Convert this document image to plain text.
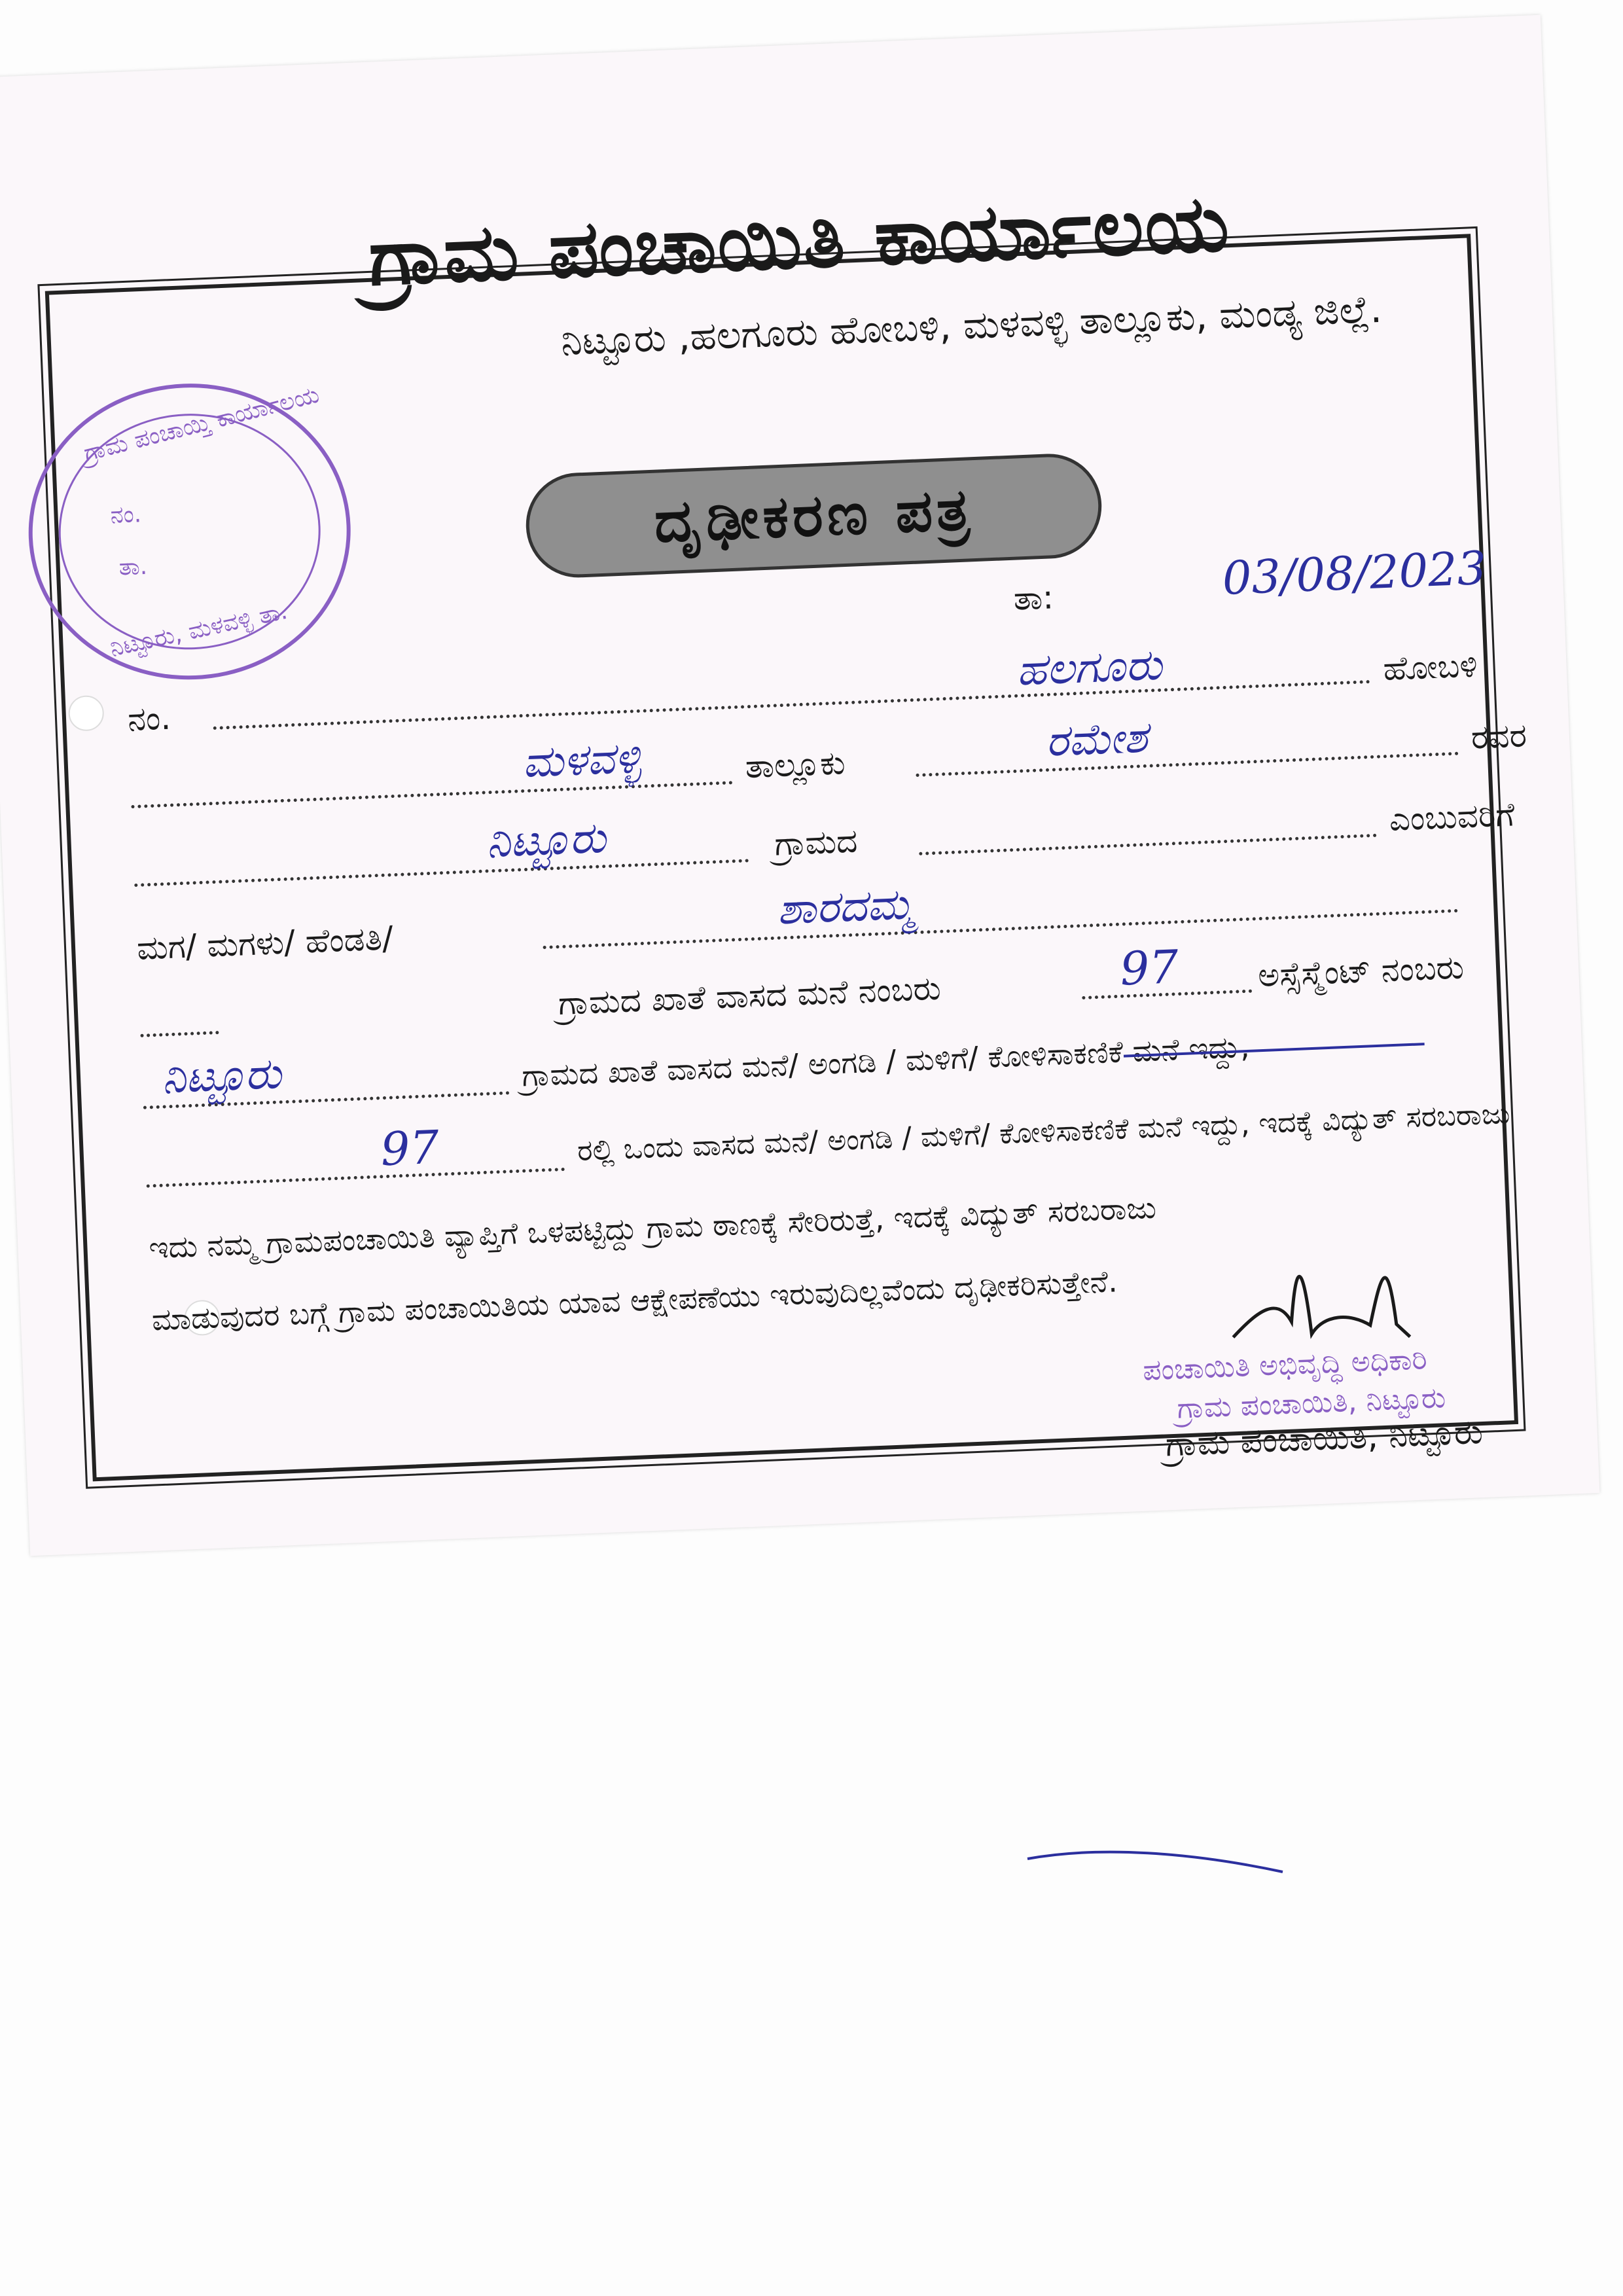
ಗ್ರಾಮ ಪಂಚಾಯ್ತಿ ಕಾರ್ಯಾಲಯ
ನಂ.
ತಾ.
ನಿಟ್ಟೂರು, ಮಳವಳ್ಳಿ ತಾ.
ಗ್ರಾಮ ಪಂಚಾಯಿತಿ ಕಾರ್ಯಾಲಯ
ನಿಟ್ಟೂರು ,ಹಲಗೂರು ಹೋಬಳಿ, ಮಳವಳ್ಳಿ ತಾಲ್ಲೂಕು, ಮಂಡ್ಯ ಜಿಲ್ಲೆ.
ದೃಢೀಕರಣ ಪತ್ರ
ತಾ:	03/08/2023
ನಂ.
ಹಲಗೂರು	ಹೋಬಳಿ
ಮಳವಳ್ಳಿ	ತಾಲ್ಲೂಕು	ರಮೇಶ	ರವರ
ನಿಟ್ಟೂರು	ಗ್ರಾಮದ
ಎಂಬುವರಿಗೆ
ಮಗ/ ಮಗಳು/ ಹೆಂಡತಿ/
ಶಾರದಮ್ಮ
ಗ್ರಾಮದ ಖಾತೆ ವಾಸದ ಮನೆ ನಂಬರು	97 ಅಸ್ಸೆಸ್ಮೆಂಟ್ ನಂಬರು
ನಿಟ್ಟೂರು	ಗ್ರಾಮದ ಖಾತೆ ವಾಸದ ಮನೆ/ ಅಂಗಡಿ / ಮಳಿಗೆ/ ಕೋಳಿಸಾಕಣಿಕೆ ಮನೆ ಇದ್ದು,
97	ರಲ್ಲಿ ಒಂದು ವಾಸದ ಮನೆ/ ಅಂಗಡಿ / ಮಳಿಗೆ/ ಕೋಳಿಸಾಕಣಿಕೆ ಮನೆ ಇದ್ದು, ಇದಕ್ಕೆ ವಿದ್ಯುತ್ ಸರಬರಾಜು
ಇದು ನಮ್ಮ ಗ್ರಾಮಪಂಚಾಯಿತಿ ವ್ಯಾಪ್ತಿಗೆ ಒಳಪಟ್ಟಿದ್ದು ಗ್ರಾಮ ಠಾಣಕ್ಕೆ ಸೇರಿರುತ್ತೆ, ಇದಕ್ಕೆ ವಿದ್ಯುತ್ ಸರಬರಾಜು
ಮಾಡುವುದರ ಬಗ್ಗೆ ಗ್ರಾಮ ಪಂಚಾಯಿತಿಯ ಯಾವ ಆಕ್ಷೇಪಣೆಯು ಇರುವುದಿಲ್ಲವೆಂದು ದೃಢೀಕರಿಸುತ್ತೇನೆ.
ಪಂಚಾಯಿತಿ ಅಭಿವೃದ್ಧಿ ಅಧಿಕಾರಿ
ಗ್ರಾಮ ಪಂಚಾಯಿತಿ, ನಿಟ್ಟೂರು
ಗ್ರಾಮ ಪಂಚಾಯಿತಿ, ನಿಟ್ಟೂರು
